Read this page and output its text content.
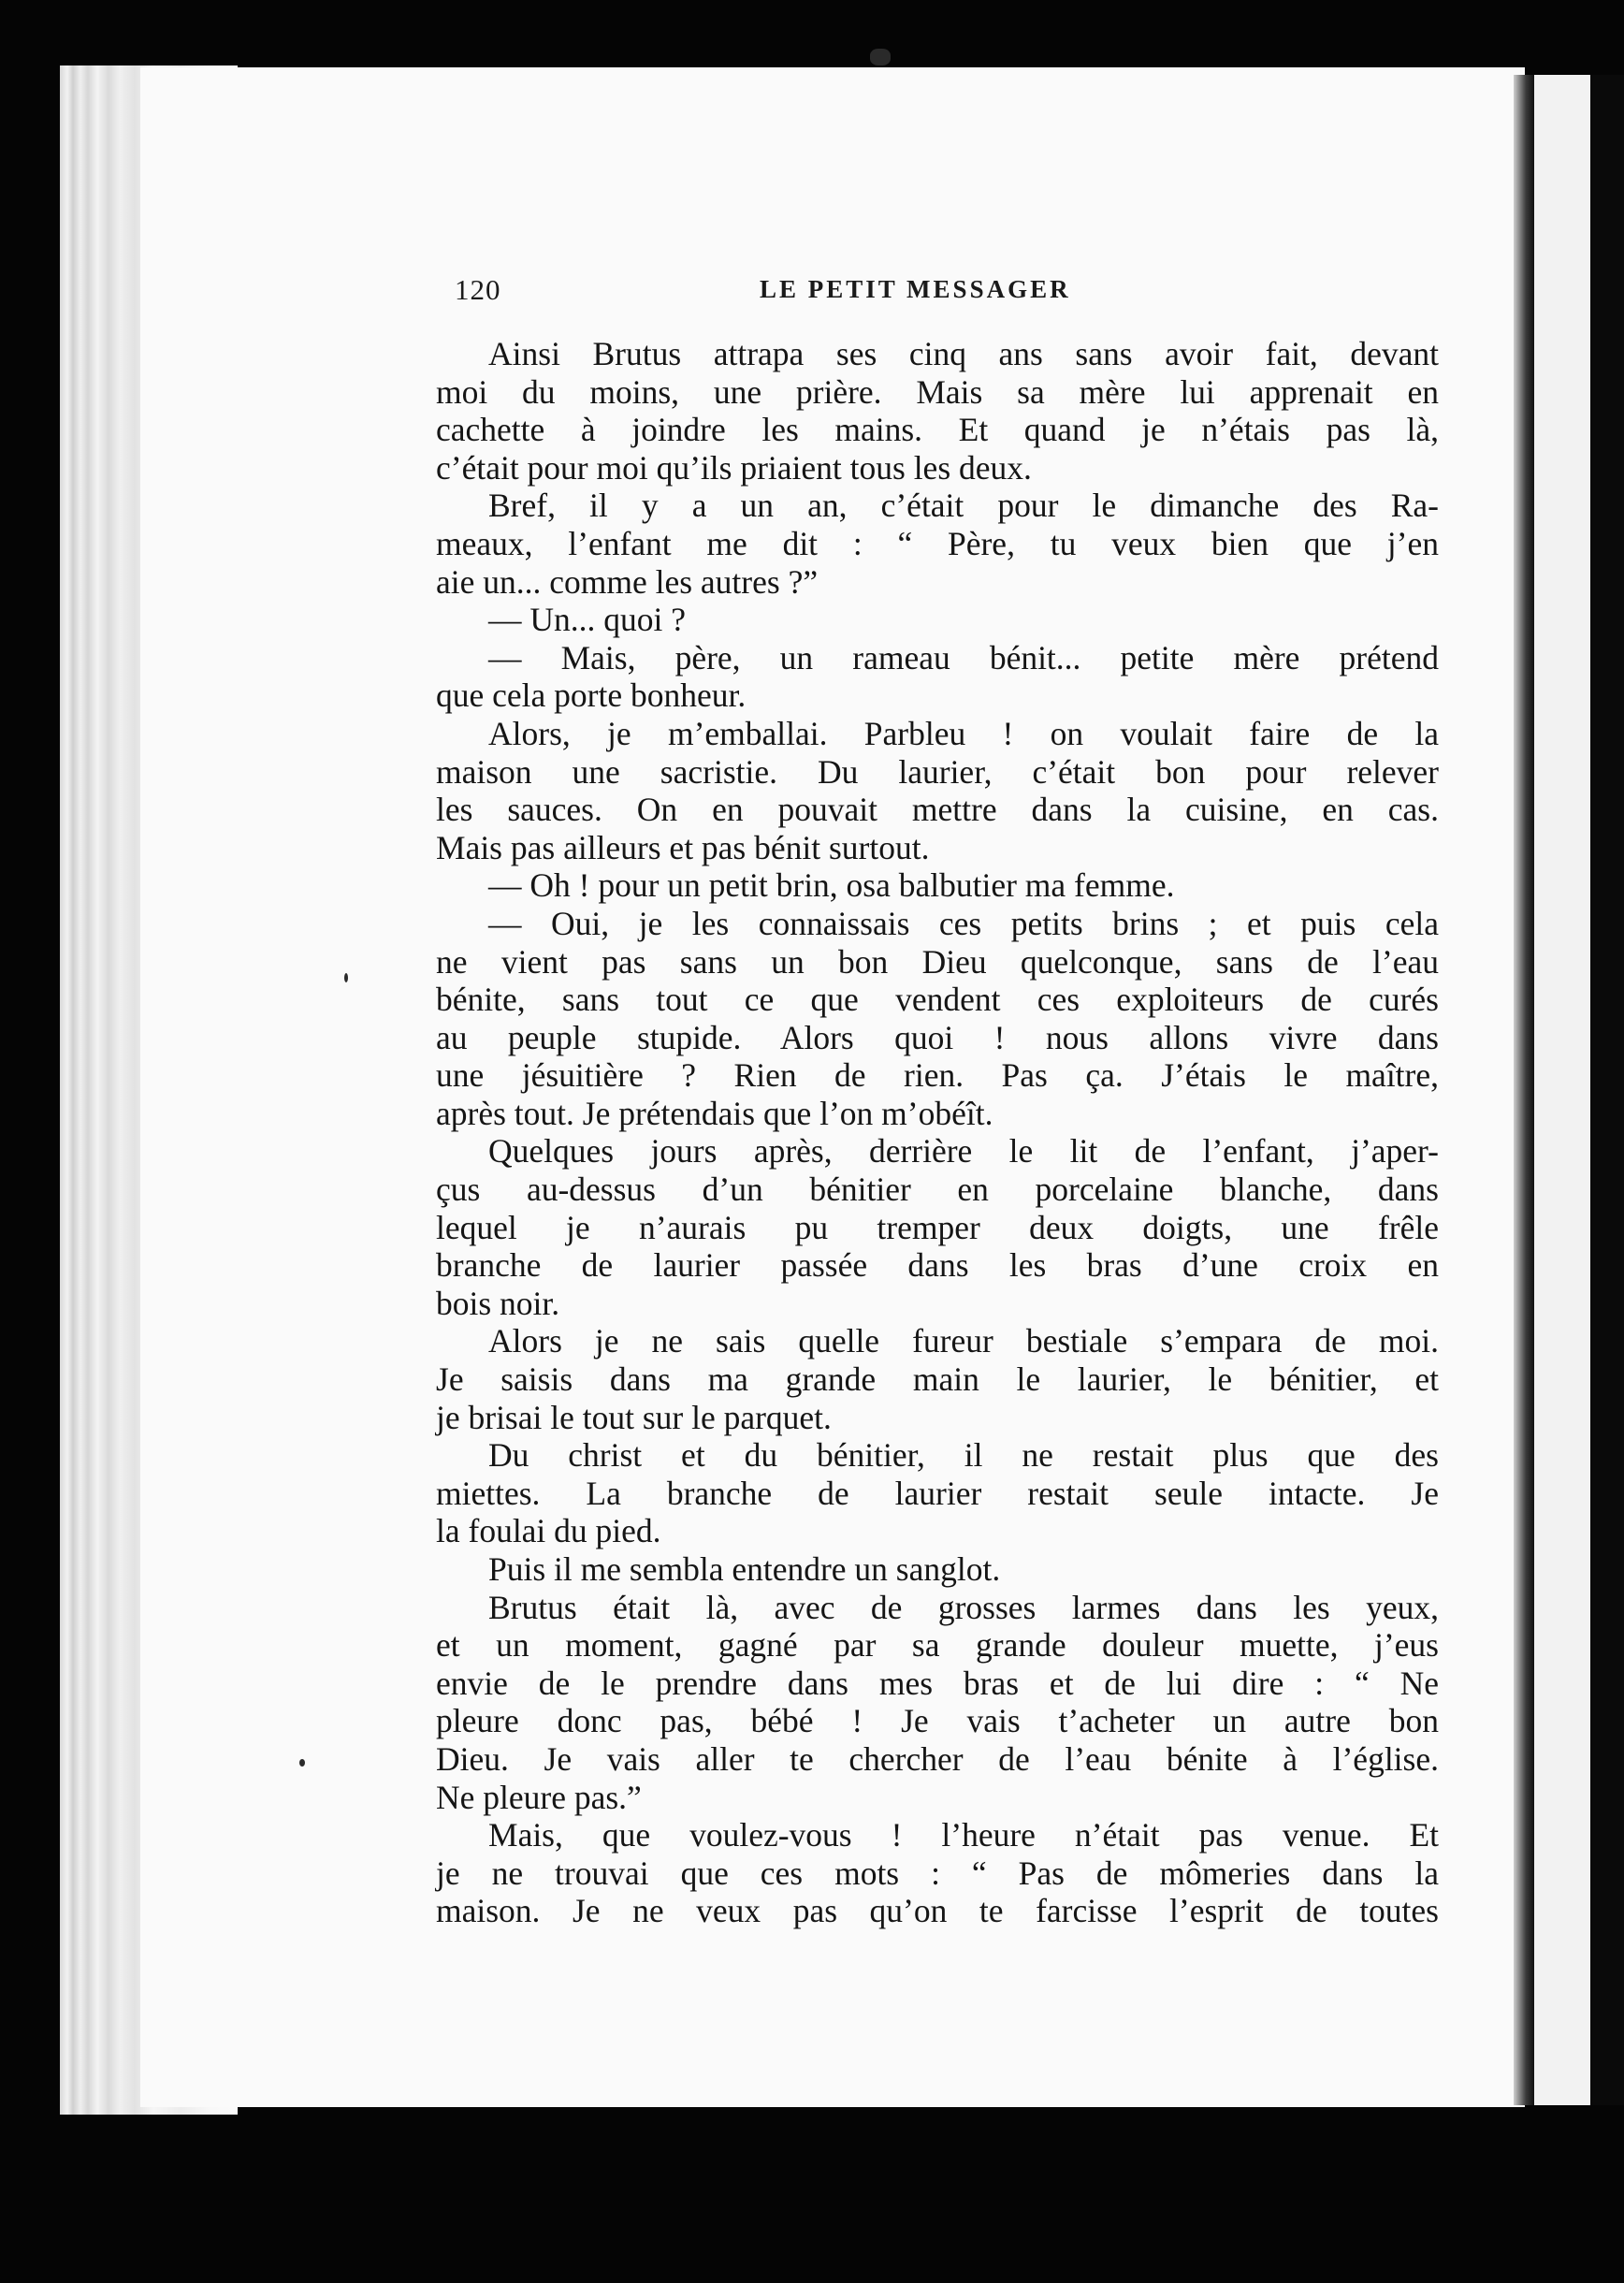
120	LE PETIT MESSAGER
Ainsi Brutus attrapa ses cinq ans sans avoir fait, devant
moi du moins, une prière. Mais sa mère lui apprenait en
cachette à joindre les mains. Et quand je n’étais pas là,
c’était pour moi qu’ils priaient tous les deux.
Bref, il y a un an, c’était pour le dimanche des Ra-
meaux, l’enfant me dit : “ Père, tu veux bien que j’en
aie un... comme les autres ?”
— Un... quoi ?
— Mais, père, un rameau bénit... petite mère prétend
que cela porte bonheur.
Alors, je m’emballai. Parbleu ! on voulait faire de la
maison une sacristie. Du laurier, c’était bon pour relever
les sauces. On en pouvait mettre dans la cuisine, en cas.
Mais pas ailleurs et pas bénit surtout.
— Oh ! pour un petit brin, osa balbutier ma femme.
— Oui, je les connaissais ces petits brins ; et puis cela
ne vient pas sans un bon Dieu quelconque, sans de l’eau
bénite, sans tout ce que vendent ces exploiteurs de curés
au peuple stupide. Alors quoi ! nous allons vivre dans
une jésuitière ? Rien de rien. Pas ça. J’étais le maître,
après tout. Je prétendais que l’on m’obéît.
Quelques jours après, derrière le lit de l’enfant, j’aper-
çus au-dessus d’un bénitier en porcelaine blanche, dans
lequel je n’aurais pu tremper deux doigts, une frêle
branche de laurier passée dans les bras d’une croix en
bois noir.
Alors je ne sais quelle fureur bestiale s’empara de moi.
Je saisis dans ma grande main le laurier, le bénitier, et
je brisai le tout sur le parquet.
Du christ et du bénitier, il ne restait plus que des
miettes. La branche de laurier restait seule intacte. Je
la foulai du pied.
Puis il me sembla entendre un sanglot.
Brutus était là, avec de grosses larmes dans les yeux,
et un moment, gagné par sa grande douleur muette, j’eus
envie de le prendre dans mes bras et de lui dire : “ Ne
pleure donc pas, bébé ! Je vais t’acheter un autre bon
Dieu. Je vais aller te chercher de l’eau bénite à l’église.
Ne pleure pas.”
Mais, que voulez-vous ! l’heure n’était pas venue. Et
je ne trouvai que ces mots : “ Pas de mômeries dans la
maison. Je ne veux pas qu’on te farcisse l’esprit de toutes
